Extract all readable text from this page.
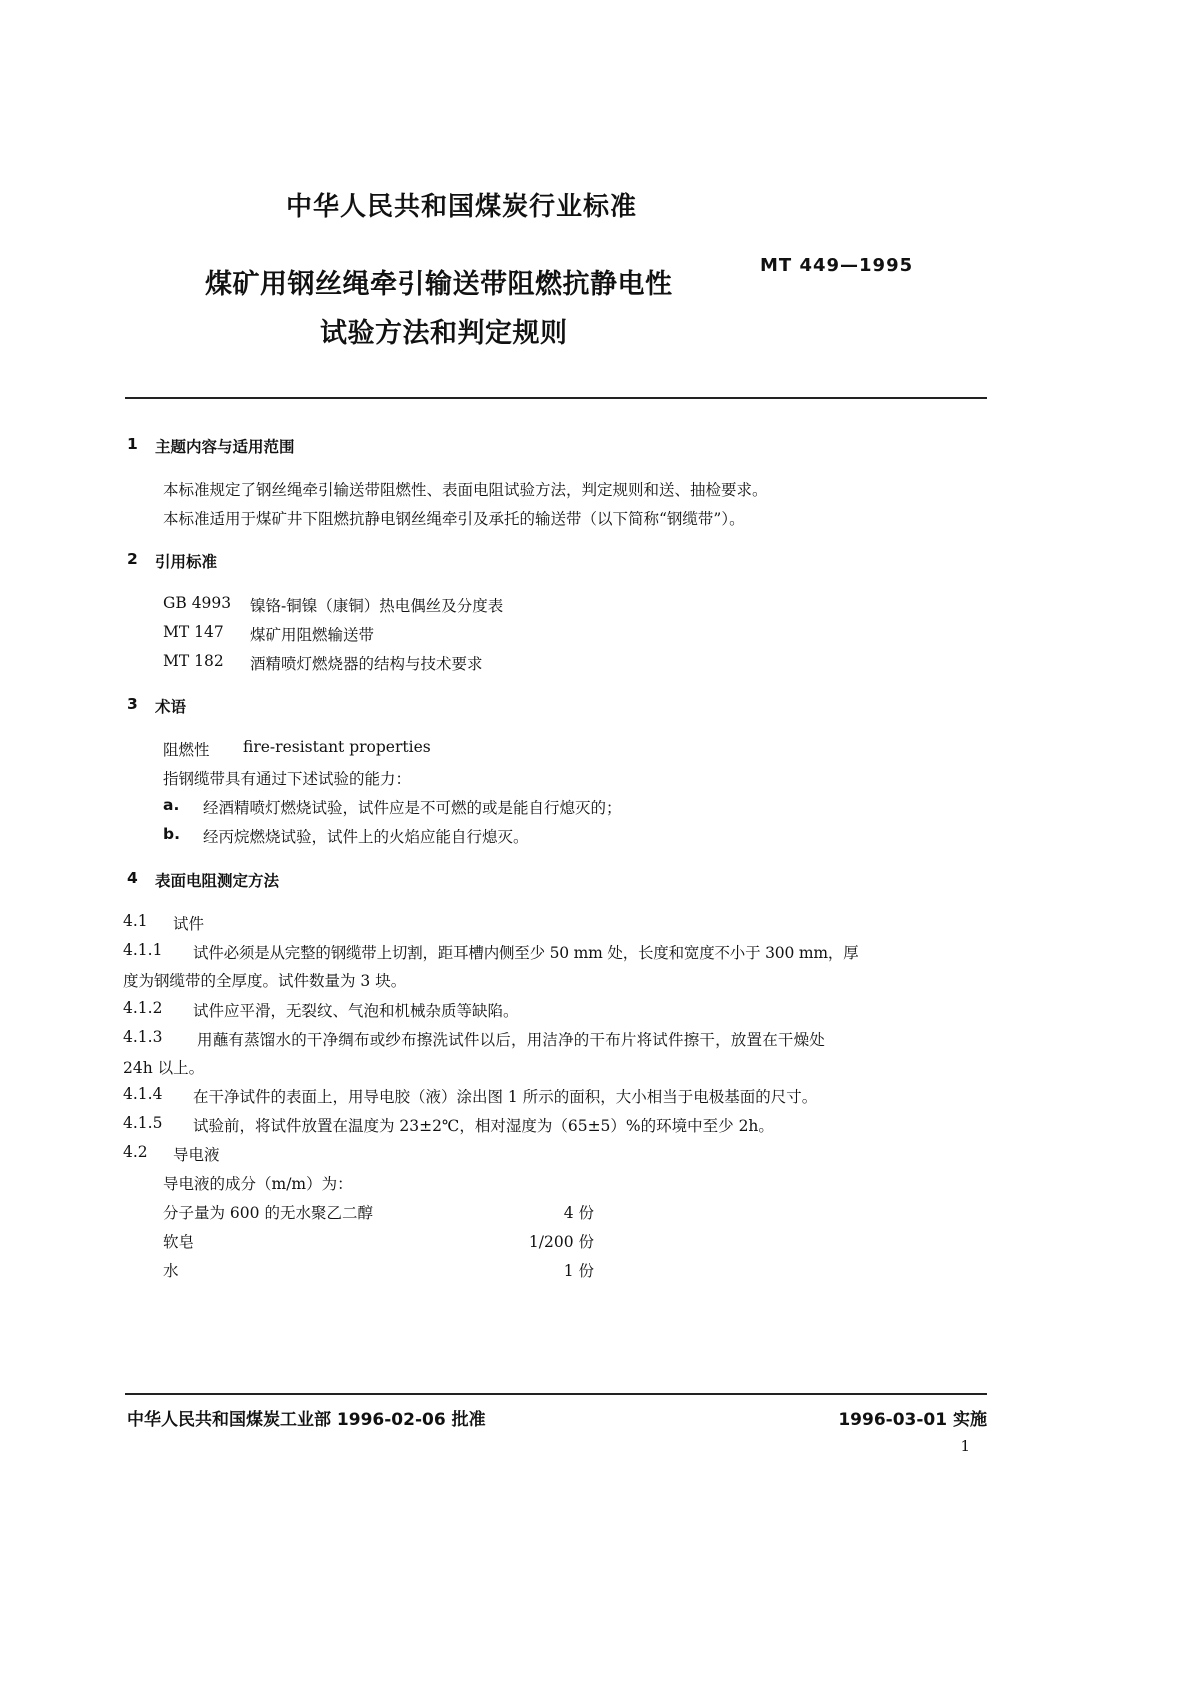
中华人民共和国煤炭行业标准
煤矿用钢丝绳牵引输送带阻燃抗静电性
试验方法和判定规则
MT 449—1995
1 主题内容与适用范围
本标准规定了钢丝绳牵引输送带阻燃性、表面电阻试验方法，判定规则和送、抽检要求。
本标准适用于煤矿井下阻燃抗静电钢丝绳牵引及承托的输送带（以下简称“钢缆带”）。
2 引用标准
GB 4993 镍铬-铜镍（康铜）热电偶丝及分度表
MT 147 煤矿用阻燃输送带
MT 182 酒精喷灯燃烧器的结构与技术要求
3 术语
阻燃性 fire-resistant properties
指钢缆带具有通过下述试验的能力：
a. 经酒精喷灯燃烧试验，试件应是不可燃的或是能自行熄灭的；
b. 经丙烷燃烧试验，试件上的火焰应能自行熄灭。
4 表面电阻测定方法
4.1 试件
4.1.1 试件必须是从完整的钢缆带上切割，距耳槽内侧至少 50 mm 处，长度和宽度不小于 300 mm，厚
度为钢缆带的全厚度。试件数量为 3 块。
4.1.2 试件应平滑，无裂纹、气泡和机械杂质等缺陷。
4.1.3 用蘸有蒸馏水的干净绸布或纱布擦洗试件以后，用洁净的干布片将试件擦干，放置在干燥处
24h 以上。
4.1.4 在干净试件的表面上，用导电胶（液）涂出图 1 所示的面积，大小相当于电极基面的尺寸。
4.1.5 试验前，将试件放置在温度为 23±2℃，相对湿度为（65±5）%的环境中至少 2h。
4.2 导电液
导电液的成分（m/m）为：
分子量为 600 的无水聚乙二醇	4 份
软皂	1/200 份
水	1 份
中华人民共和国煤炭工业部 1996-02-06 批准	1996-03-01 实施
1
